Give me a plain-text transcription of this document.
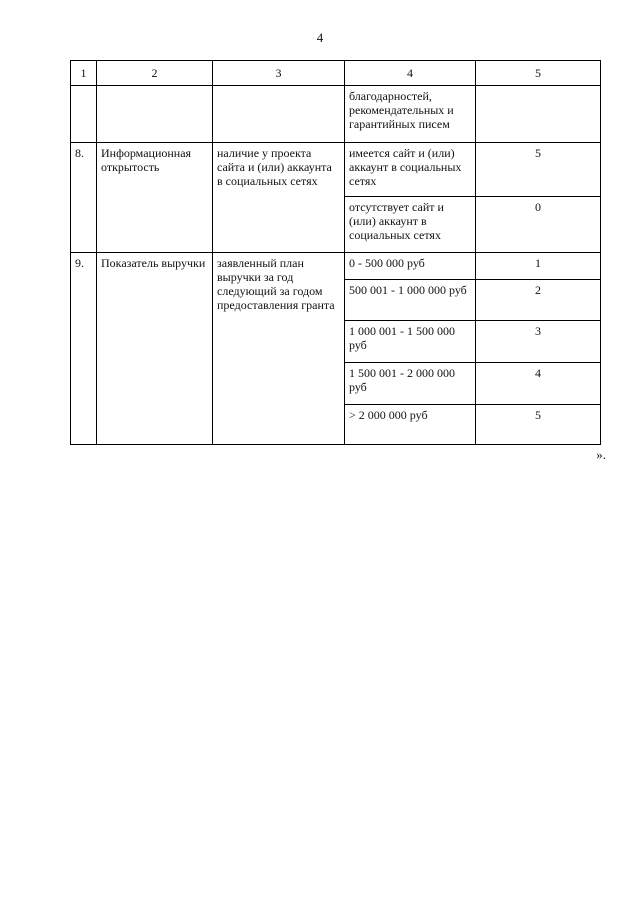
4
1	2	3	4	5
			благодарностей, рекомендательных и гарантийных писем	
8.	Информационная открытость	наличие у проекта сайта и (или) аккаунта в социальных сетях	имеется сайт и (или) аккаунт в социальных сетях	5
			отсутствует сайт и (или) аккаунт в социальных сетях	0
9.	Показатель выручки	заявленный план выручки за год следующий за годом предоставления гранта	0 - 500 000 руб	1
			500 001 - 1 000 000 руб	2
			1 000 001 - 1 500 000 руб	3
			1 500 001 - 2 000 000 руб	4
			> 2 000 000 руб	5
».
